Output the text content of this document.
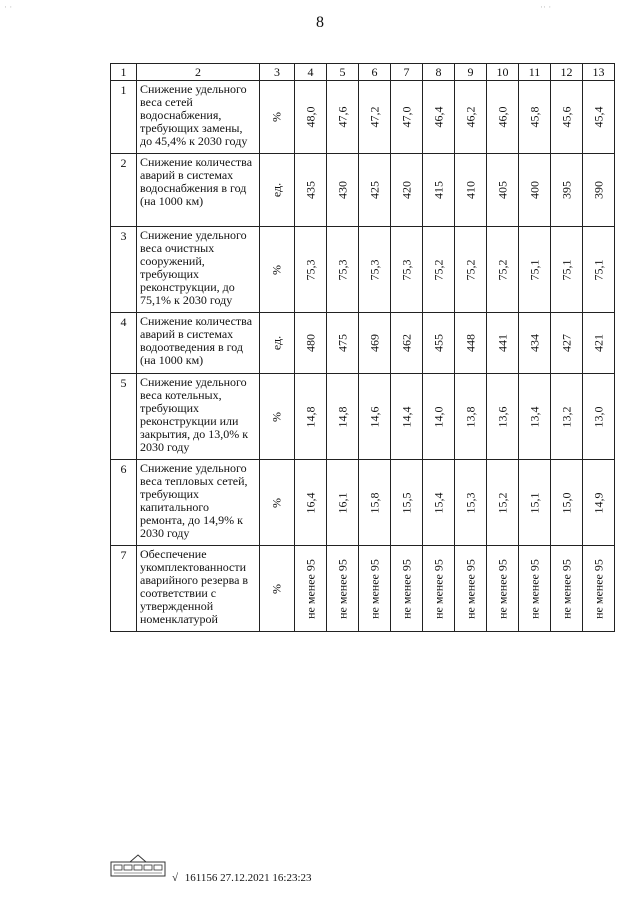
8
· ·	·· ·
1	2	3	4	5	6	7	8	9	10	11	12	13
1	Снижение удельного веса сетей водоснабжения, требующих замены, до 45,4% к 2030 году	%	48,0	47,6	47,2	47,0	46,4	46,2	46,0	45,8	45,6	45,4

2	Снижение количества аварий в системах водоснабжения в год (на 1000 км)	ед.	435	430	425	420	415	410	405	400	395	390

3	Снижение удельного веса очистных сооружений, требующих реконструкции, до 75,1% к 2030 году	%	75,3	75,3	75,3	75,3	75,2	75,2	75,2	75,1	75,1	75,1

4	Снижение количества аварий в системах водоотведения в год (на 1000 км)	ед.	480	475	469	462	455	448	441	434	427	421

5	Снижение удельного веса котельных, требующих реконструкции или закрытия, до 13,0% к 2030 году	%	14,8	14,8	14,6	14,4	14,0	13,8	13,6	13,4	13,2	13,0

6	Снижение удельного веса тепловых сетей, требующих капитального ремонта, до 14,9% к 2030 году	%	16,4	16,1	15,8	15,5	15,4	15,3	15,2	15,1	15,0	14,9

7	Обеспечение укомплектованности аварийного резерва в соответствии с утвержденной номенклатурой	%	не менее 95	не менее 95	не менее 95	не менее 95	не менее 95	не менее 95	не менее 95	не менее 95	не менее 95	не менее 95
√ 161156 27.12.2021 16:23:23
